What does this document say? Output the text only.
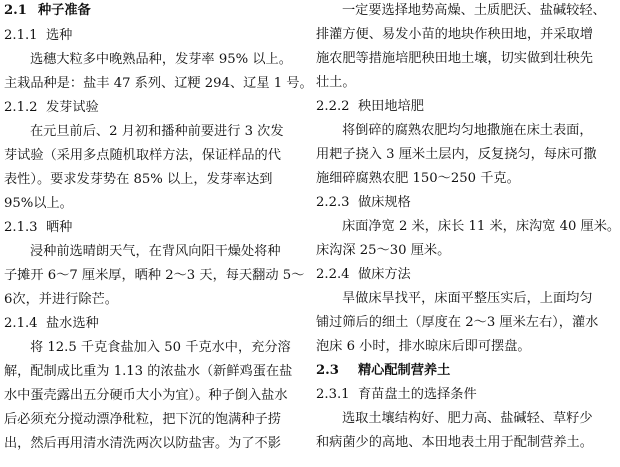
2.1 种子准备
2.1.1 选种
选穗大粒多中晚熟品种，发芽率 95% 以上。
主栽品种是：盐丰 47 系列、辽粳 294、辽星 1 号。
2.1.2 发芽试验
在元旦前后、2 月初和播种前要进行 3 次发
芽试验（采用多点随机取样方法，保证样品的代
表性）。要求发芽势在 85% 以上，发芽率达到
95%以上。
2.1.3 晒种
浸种前选晴朗天气，在背风向阳干燥处将种
子摊开 6～7 厘米厚，晒种 2～3 天，每天翻动 5～
6次，并进行除芒。
2.1.4 盐水选种
将 12.5 千克食盐加入 50 千克水中，充分溶
解，配制成比重为 1.13 的浓盐水（新鲜鸡蛋在盐
水中蛋壳露出五分硬币大小为宜）。种子倒入盐水
后必须充分搅动漂净秕粒，把下沉的饱满种子捞
出，然后再用清水清洗两次以防盐害。为了不影
一定要选择地势高燥、土质肥沃、盐碱较轻、
排灌方便、易发小苗的地块作秧田地，并采取增
施农肥等措施培肥秧田地土壤，切实做到壮秧先
壮土。
2.2.2 秧田地培肥
将倒碎的腐熟农肥均匀地撒施在床土表面，
用耙子挠入 3 厘米土层内，反复挠匀，每床可撒
施细碎腐熟农肥 150～250 千克。
2.2.3 做床规格
床面净宽 2 米，床长 11 米，床沟宽 40 厘米。
床沟深 25～30 厘米。
2.2.4 做床方法
旱做床旱找平，床面平整压实后，上面均匀
铺过筛后的细土（厚度在 2～3 厘米左右），灌水
泡床 6 小时，排水晾床后即可摆盘。
2.3 精心配制营养土
2.3.1 育苗盘土的选择条件
选取土壤结构好、肥力高、盐碱轻、草籽少
和病菌少的高地、本田地表土用于配制营养土。
